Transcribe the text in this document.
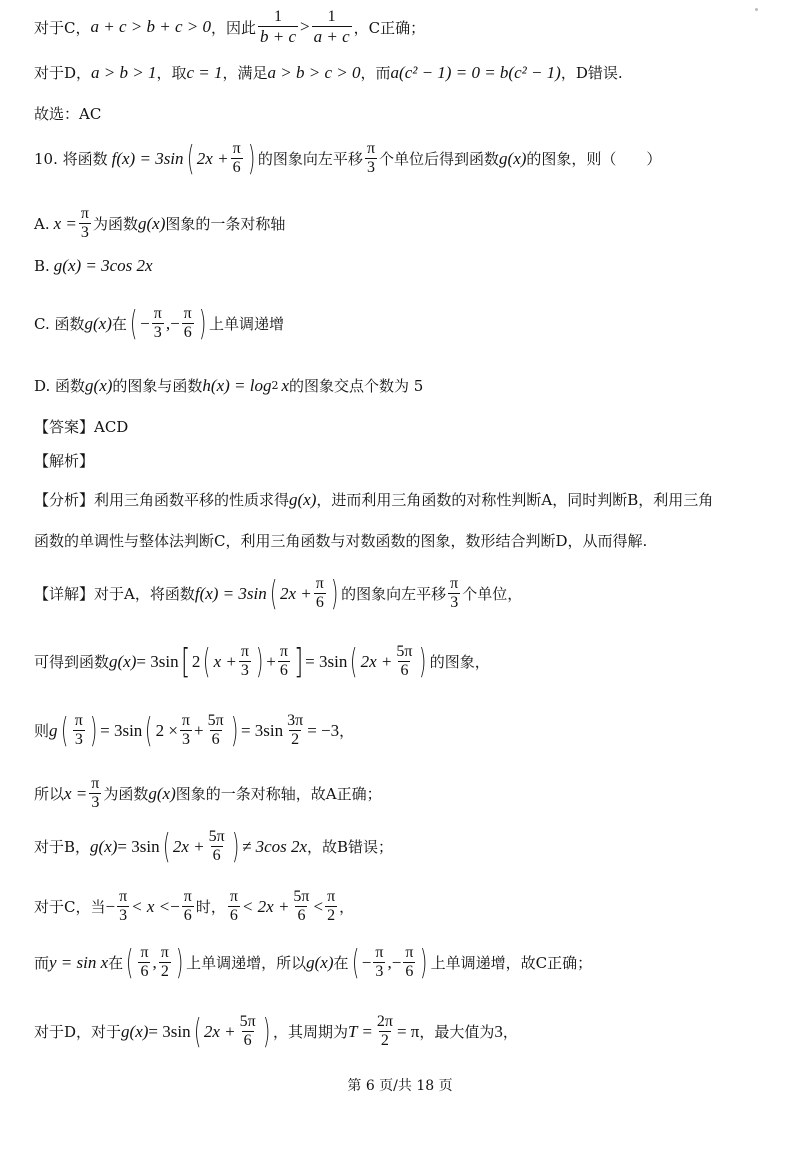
对于C， a + c > b + c > 0 ，因此 $\frac{1}{b + c} > \frac{1}{a + c}$ ，C正确；
对于D， a > b > 1 ，取 c = 1 ，满足 a > b > c > 0 ，而 a(c² − 1) = 0 = b(c² − 1) ，D错误.
故选：AC
10. 将函数 f(x) = 3sin ( $2x + \frac{\pi}{6}$ ) 的图象向左平移 $\frac{\pi}{3}$ 个单位后得到函数 g(x) 的图象，则（　　）
A. $x = \frac{\pi}{3}$ 为函数 g(x) 图象的一条对称轴
B. g(x) = 3cos 2x
C. 函数 g(x) 在 ( − $\frac{\pi}{3}$ ,− $\frac{\pi}{6}$ ) 上单调递增
D. 函数 g(x) 的图象与函数 h(x) = log 2 x 的图象交点个数为 5
【答案】ACD
【解析】
【分析】利用三角函数平移的性质求得 g(x) ，进而利用三角函数的对称性判断A，同时判断B，利用三角
函数的单调性与整体法判断C，利用三角函数与对数函数的图象，数形结合判断D，从而得解.
【详解】对于A，将函数 f(x) = 3sin ( $2x + \frac{\pi}{6}$ ) 的图象向左平移 $\frac{\pi}{3}$ 个单位，
可得到函数 g(x) = 3sin [ 2 ( $x + \frac{\pi}{3}$ ) + $\frac{\pi}{6}$ ] = 3sin ( $2x + \frac{5\pi}{6}$ ) 的图象，
则 g ( $\frac{\pi}{3}$ ) = 3sin ( $2 \times \frac{\pi}{3} + \frac{5\pi}{6}$ ) = $3\sin \frac{3\pi}{2} = -3$ ，
所以 $x = \frac{\pi}{3}$ 为函数 g(x) 图象的一条对称轴，故A正确；
对于B， g(x) = 3sin ( $2x + \frac{5\pi}{6}$ ) ≠ 3cos 2x ，故B错误；
对于C，当 − $\frac{\pi}{3} < x$ < − $\frac{\pi}{6}$ 时， $\frac{\pi}{6} < 2x + \frac{5\pi}{6} < \frac{\pi}{2}$ ，
而 y = sin x 在 ( $\frac{\pi}{6}$ , $\frac{\pi}{2}$ ) 上单调递增，所以 g(x) 在 ( − $\frac{\pi}{3}$ ,− $\frac{\pi}{6}$ ) 上单调递增，故C正确；
对于D，对于 g(x) = 3sin ( $2x + \frac{5\pi}{6}$ ) ，其周期为 $T = \frac{2\pi}{2} = \pi$ ，最大值为 3 ，
第 6 页/共 18 页
